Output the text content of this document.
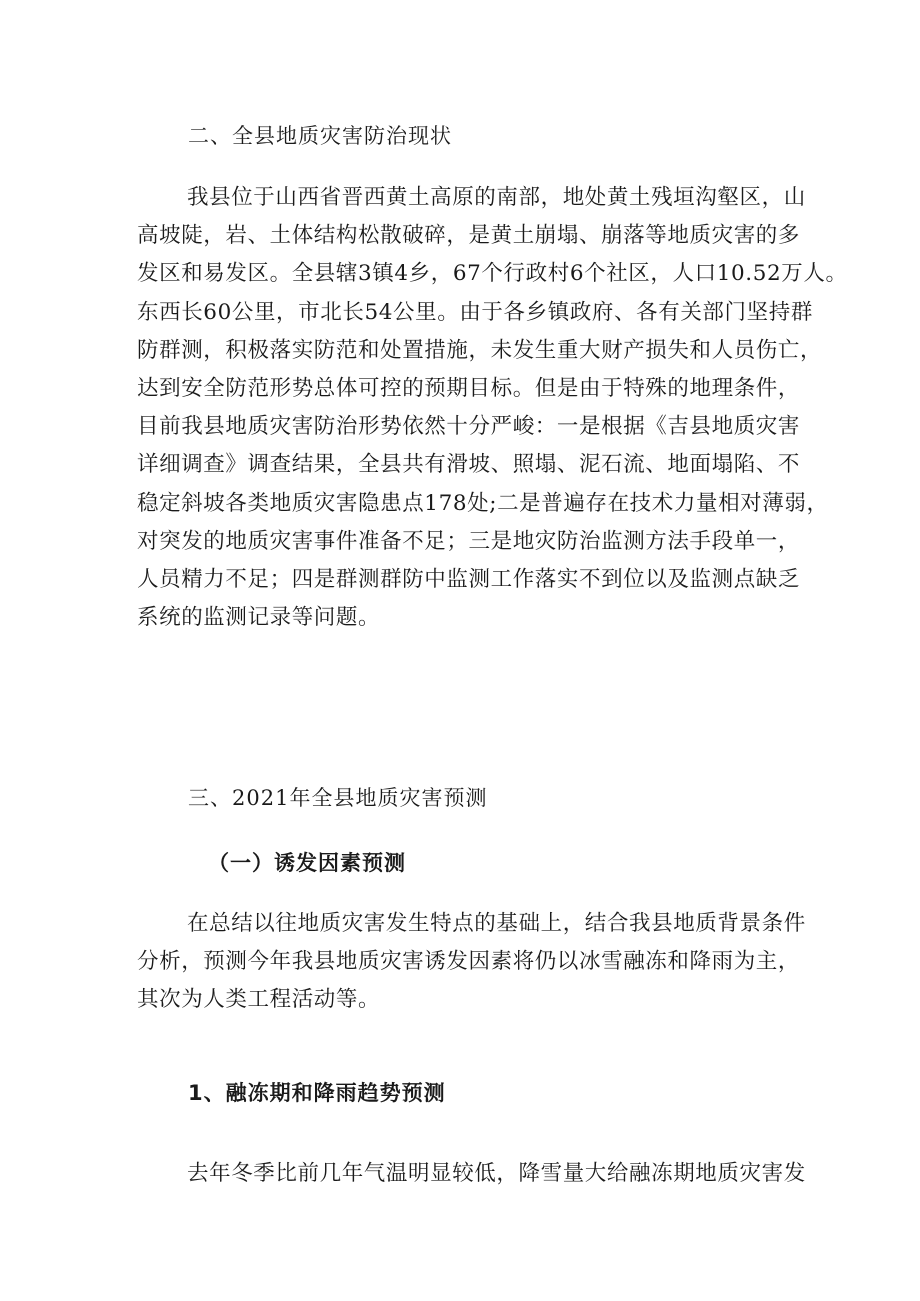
二、全县地质灾害防治现状
我县位于山西省晋西黄土高原的南部，地处黄土残垣沟壑区，山
高坡陡，岩、土体结构松散破碎，是黄土崩塌、崩落等地质灾害的多
发区和易发区。全县辖3镇4乡，67个行政村6个社区，人口10.52万人。
东西长60公里，市北长54公里。由于各乡镇政府、各有关部门坚持群
防群测，积极落实防范和处置措施，未发生重大财产损失和人员伤亡，
达到安全防范形势总体可控的预期目标。但是由于特殊的地理条件，
目前我县地质灾害防治形势依然十分严峻：一是根据《吉县地质灾害
详细调查》调查结果，全县共有滑坡、照塌、泥石流、地面塌陷、不
稳定斜坡各类地质灾害隐患点178处;二是普遍存在技术力量相对薄弱，
对突发的地质灾害事件准备不足；三是地灾防治监测方法手段单一，
人员精力不足；四是群测群防中监测工作落实不到位以及监测点缺乏
系统的监测记录等问题。
三、2021年全县地质灾害预测
（一）诱发因素预测
在总结以往地质灾害发生特点的基础上，结合我县地质背景条件
分析，预测今年我县地质灾害诱发因素将仍以冰雪融冻和降雨为主，
其次为人类工程活动等。
1、融冻期和降雨趋势预测
去年冬季比前几年气温明显较低，降雪量大给融冻期地质灾害发
